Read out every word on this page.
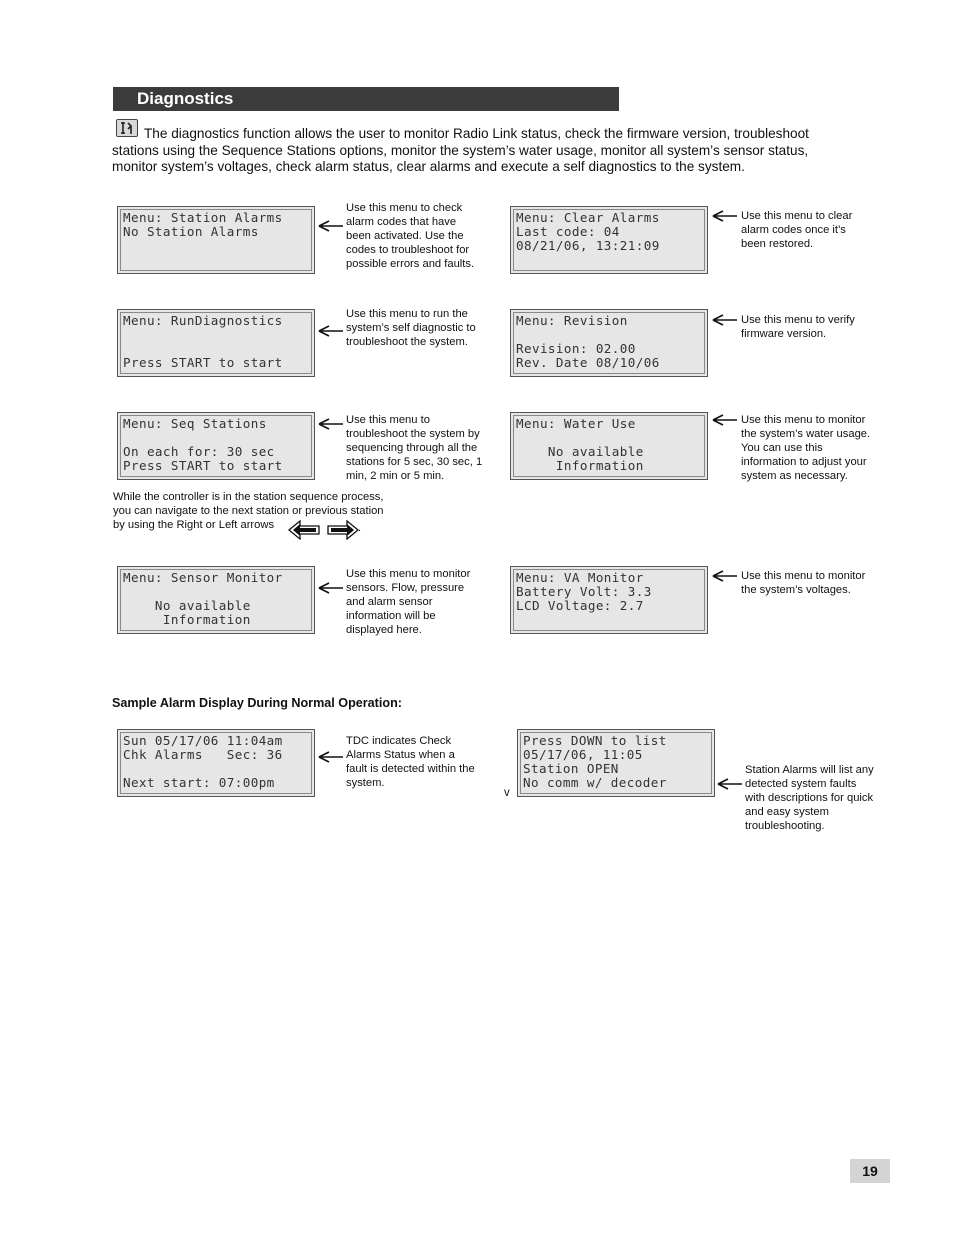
Diagnostics
The diagnostics function allows the user to monitor Radio Link status, check the firmware version, troubleshoot
stations using the Sequence Stations options, monitor the system’s water usage, monitor all system’s sensor status,
monitor system’s voltages, check alarm status, clear alarms and execute a self diagnostics to the system.
Menu: Station Alarms
No Station Alarms
Use this menu to check
alarm codes that have
been activated. Use the
codes to troubleshoot for
possible errors and faults.
Menu: Clear Alarms
Last code: 04
08/21/06, 13:21:09
Use this menu to clear
alarm codes once it’s
been restored.
Menu: RunDiagnostics
Press START to start
Use this menu to run the
system’s self diagnostic to
troubleshoot the system.
Menu: Revision
Revision: 02.00
Rev. Date 08/10/06
Use this menu to verify
firmware version.
Menu: Seq Stations
On each for: 30 sec
Press START to start
Use this menu to
troubleshoot the system by
sequencing through all the
stations for 5 sec, 30 sec, 1
min, 2 min or 5 min.
Menu: Water Use
No available
Information
Use this menu to monitor
the system’s water usage.
You can use this
information to adjust your
system as necessary.
While the controller is in the station sequence process,
you can navigate to the next station or previous station
by using the Right or Left arrows	.
Menu: Sensor Monitor
No available
Information
Use this menu to monitor
sensors. Flow, pressure
and alarm sensor
information will be
displayed here.
Menu: VA Monitor
Battery Volt: 3.3
LCD Voltage: 2.7
Use this menu to monitor
the system’s voltages.
Sample Alarm Display During Normal Operation:
Sun 05/17/06 11:04am
Chk Alarms   Sec: 36
Next start: 07:00pm
TDC indicates Check
Alarms Status when a
fault is detected within the
system.
v
Press DOWN to list
05/17/06, 11:05
Station OPEN
No comm w/ decoder
Station Alarms will list any
detected system faults
with descriptions for quick
and easy system
troubleshooting.
19
